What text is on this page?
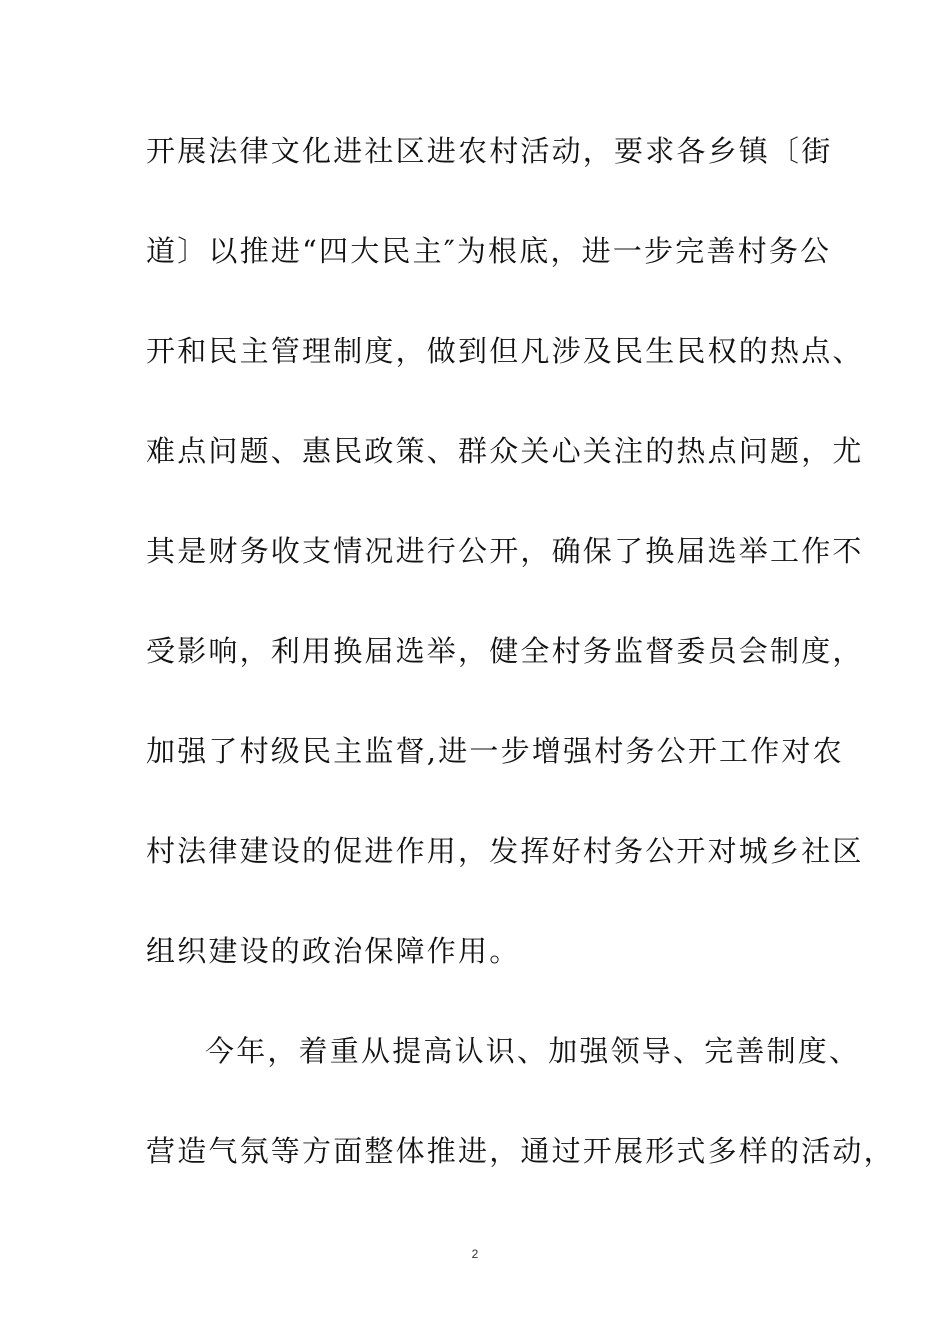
开展法律文化进社区进农村活动，要求各乡镇〔街
道〕以推进“四大民主″为根底，进一步完善村务公
开和民主管理制度，做到但凡涉及民生民权的热点、
难点问题、惠民政策、群众关心关注的热点问题，尤
其是财务收支情况进行公开，确保了换届选举工作不
受影响，利用换届选举，健全村务监督委员会制度，
加强了村级民主监督,进一步增强村务公开工作对农
村法律建设的促进作用，发挥好村务公开对城乡社区
组织建设的政治保障作用。
今年，着重从提高认识、加强领导、完善制度、
营造气氛等方面整体推进，通过开展形式多样的活动，
2
